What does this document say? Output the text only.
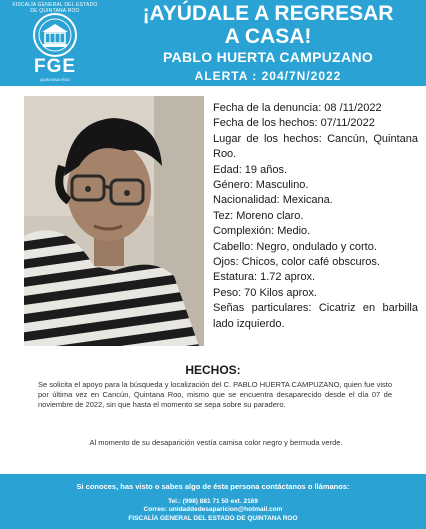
FISCALÍA GENERAL DEL ESTADO DE QUINTANA ROO
FGE
QUINTANA ROO
¡AYÚDALE A REGRESAR
A CASA!
PABLO HUERTA CAMPUZANO
ALERTA : 204/7N/2022
Fecha de la denuncia: 08 /11/2022
Fecha de los hechos: 07/11/2022
Lugar de los hechos: Cancún, Quintana Roo.
Edad: 19 años.
Género: Masculino.
Nacionalidad: Mexicana.
Tez: Moreno claro.
Complexión: Medio.
Cabello: Negro, ondulado y corto.
Ojos: Chicos, color café obscuros.
Estatura: 1.72 aprox.
Peso: 70 Kilos aprox.
Señas particulares: Cicatriz en barbilla lado izquierdo.
HECHOS:
Se solicita el apoyo para la búsqueda y localización del C. PABLO HUERTA CAMPUZANO, quien fue visto por última vez en Cancún, Quintana Roo, mismo que se encuentra desaparecido desde el día 07 de noviembre de 2022, sin que hasta el momento se sepa sobre su paradero.
Al momento de su desaparición vestía camisa color negro y bermuda verde.
Si conoces, has visto o sabes algo de ésta persona contáctanos o llámanos:
Tel.: (998) 881 71 50 ext. 2169
Correo: unidaddedesaparicion@hotmail.com
FISCALÍA GENERAL DEL ESTADO DE QUINTANA ROO
